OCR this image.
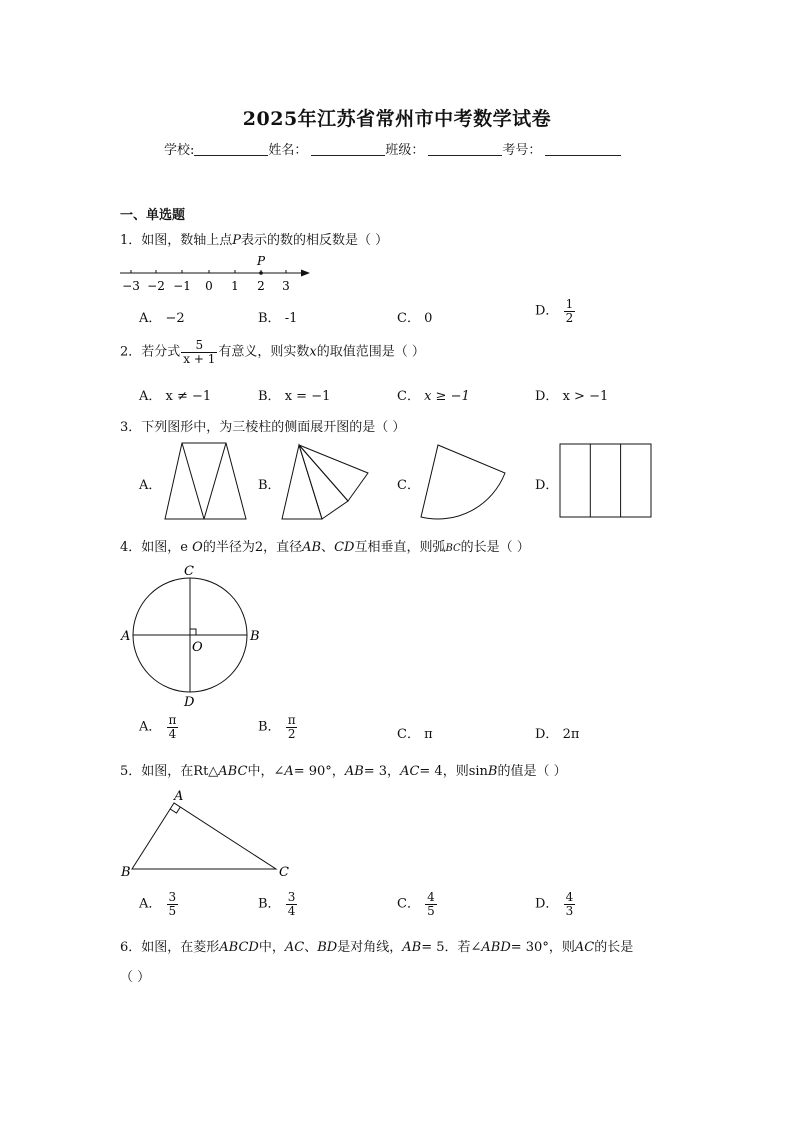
2025年江苏省常州市中考数学试卷
学校:	姓名：	班级：	考号：
一、单选题
1．如图，数轴上点P表示的数的相反数是（ ）
P
−3 −2 −1 0 1 2 3
A． −2	B． -1	C． 0	D． $\frac{1}{2}$
2．若分式 $\frac{5}{x + 1}$ 有意义，则实数x的取值范围是（ ）
A． x ≠ −1	B． x = −1	C． x ≥ −1	D． x > −1
3．下列图形中，为三棱柱的侧面展开图的是（ ）
A．	B．	C．	D．
4．如图，e O的半径为2，直径AB、CD互相垂直，则弧BC的长是（ ）
C
A	B
O
D
A． $\frac{\pi}{4}$	B． $\frac{\pi}{2}$	C． π	D． 2π
5．如图，在Rt△ABC中，∠A= 90°，AB= 3，AC= 4，则sinB的值是（ ）
A
B	C
A． $\frac{3}{5}$	B． $\frac{3}{4}$	C． $\frac{4}{5}$	D． $\frac{4}{3}$
6．如图，在菱形ABCD中，AC、BD是对角线，AB= 5．若∠ABD= 30°，则AC的长是
（ ）
